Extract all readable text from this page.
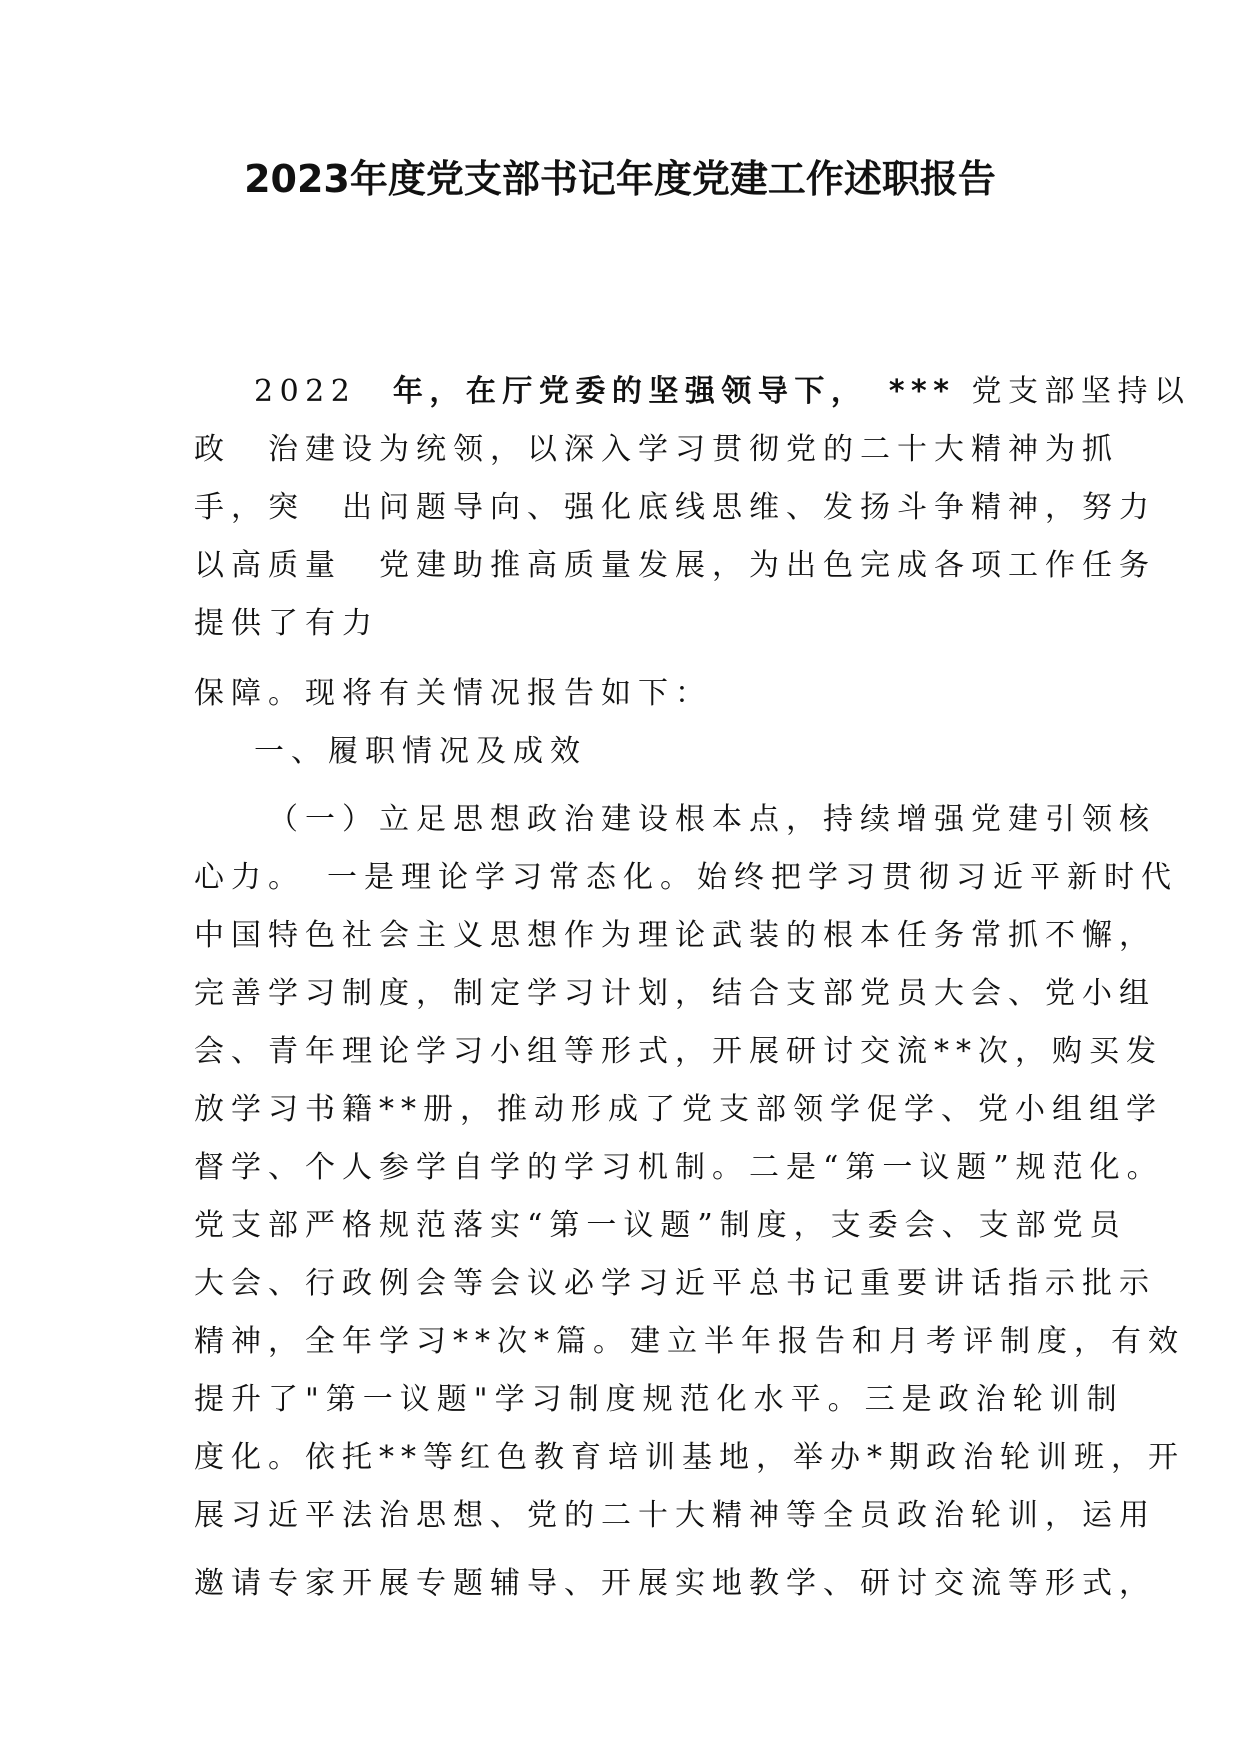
2023年度党支部书记年度党建工作述职报告
2022　年，在厅党委的坚强领导下，　*** 党支部坚持以
政　治建设为统领，以深入学习贯彻党的二十大精神为抓
手，突　出问题导向、强化底线思维、发扬斗争精神，努力
以高质量　党建助推高质量发展，为出色完成各项工作任务
提供了有力
保障。现将有关情况报告如下：
一、履职情况及成效
（一）立足思想政治建设根本点，持续增强党建引领核
心力。　一是理论学习常态化。始终把学习贯彻习近平新时代
中国特色社会主义思想作为理论武装的根本任务常抓不懈，
完善学习制度，制定学习计划，结合支部党员大会、党小组
会、青年理论学习小组等形式，开展研讨交流**次，购买发
放学习书籍**册，推动形成了党支部领学促学、党小组组学
督学、个人参学自学的学习机制。二是“第一议题”规范化。
党支部严格规范落实“第一议题”制度，支委会、支部党员
大会、行政例会等会议必学习近平总书记重要讲话指示批示
精神，全年学习**次*篇。建立半年报告和月考评制度，有效
提升了"第一议题"学习制度规范化水平。三是政治轮训制
度化。依托**等红色教育培训基地，举办*期政治轮训班，开
展习近平法治思想、党的二十大精神等全员政治轮训，运用
邀请专家开展专题辅导、开展实地教学、研讨交流等形式，
